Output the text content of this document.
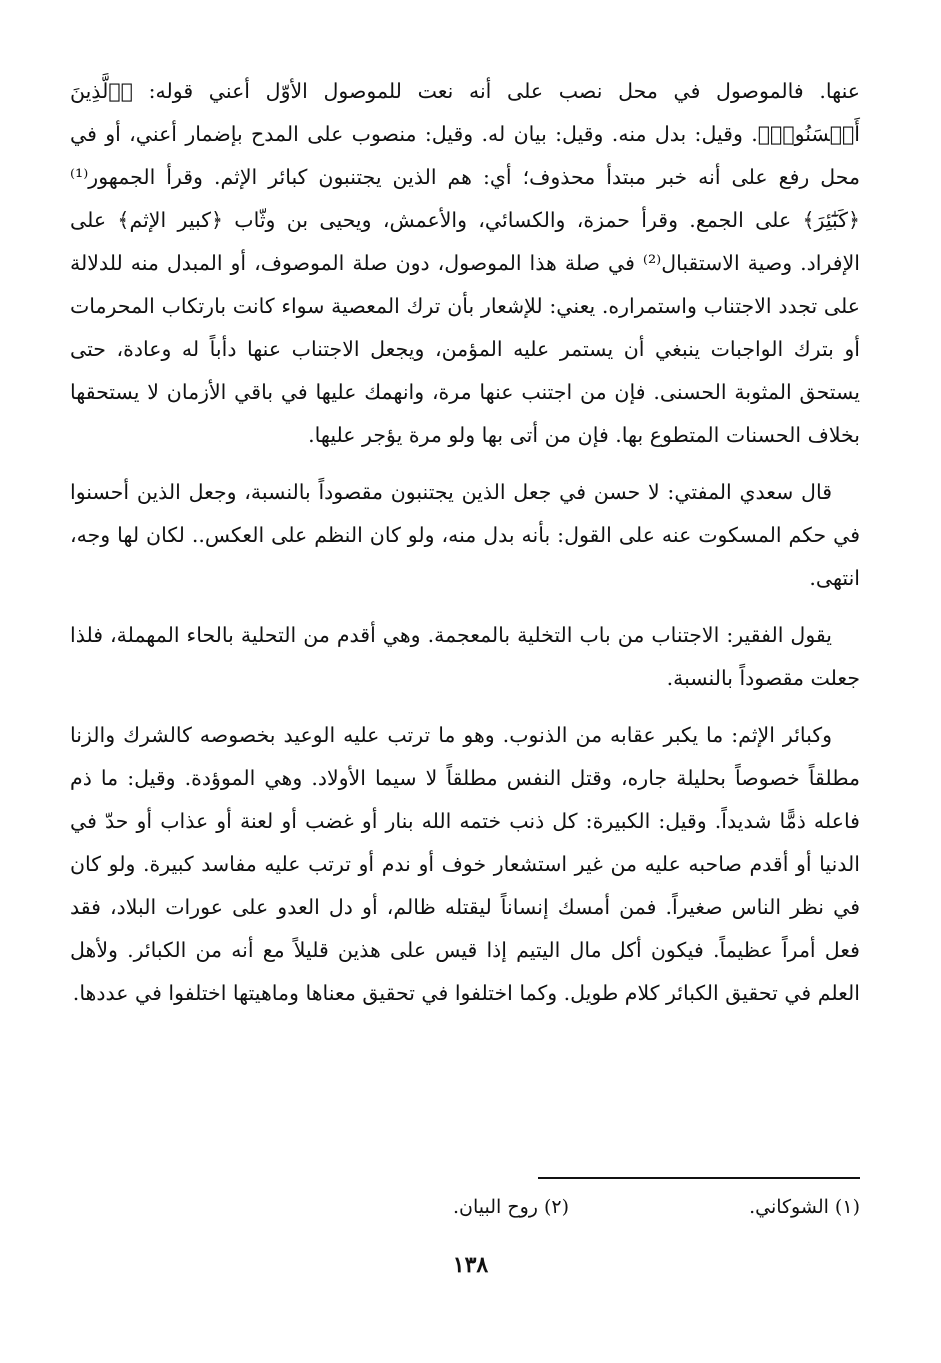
عنها. فالموصول في محل نصب على أنه نعت للموصول الأوّل أعني قوله: ﴿ٱلَّذِينَ أَحۡسَنُوا۟﴾. وقيل: بدل منه. وقيل: بيان له. وقيل: منصوب على المدح بإضمار أعني، أو في محل رفع على أنه خبر مبتدأ محذوف؛ أي: هم الذين يجتنبون كبائر الإثم. وقرأ الجمهور⁽¹⁾ ﴿كَبَٰٓئِرَ﴾ على الجمع. وقرأ حمزة، والكسائي، والأعمش، ويحيى بن وثّاب ﴿كبير الإثم﴾ على الإفراد. وصية الاستقبال⁽²⁾ في صلة هذا الموصول، دون صلة الموصوف، أو المبدل منه للدلالة على تجدد الاجتناب واستمراره. يعني: للإشعار بأن ترك المعصية سواء كانت بارتكاب المحرمات أو بترك الواجبات ينبغي أن يستمر عليه المؤمن، ويجعل الاجتناب عنها دأباً له وعادة، حتى يستحق المثوبة الحسنى. فإن من اجتنب عنها مرة، وانهمك عليها في باقي الأزمان لا يستحقها بخلاف الحسنات المتطوع بها. فإن من أتى بها ولو مرة يؤجر عليها.

قال سعدي المفتي: لا حسن في جعل الذين يجتنبون مقصوداً بالنسبة، وجعل الذين أحسنوا في حكم المسكوت عنه على القول: بأنه بدل منه، ولو كان النظم على العكس.. لكان لها وجه، انتهى.

يقول الفقير: الاجتناب من باب التخلية بالمعجمة. وهي أقدم من التحلية بالحاء المهملة، فلذا جعلت مقصوداً بالنسبة.

وكبائر الإثم: ما يكبر عقابه من الذنوب. وهو ما ترتب عليه الوعيد بخصوصه كالشرك والزنا مطلقاً خصوصاً بحليلة جاره، وقتل النفس مطلقاً لا سيما الأولاد. وهي الموؤدة. وقيل: ما ذم فاعله ذمًّا شديداً. وقيل: الكبيرة: كل ذنب ختمه الله بنار أو غضب أو لعنة أو عذاب أو حدّ في الدنيا أو أقدم صاحبه عليه من غير استشعار خوف أو ندم أو ترتب عليه مفاسد كبيرة. ولو كان في نظر الناس صغيراً. فمن أمسك إنساناً ليقتله ظالم، أو دل العدو على عورات البلاد، فقد فعل أمراً عظيماً. فيكون أكل مال اليتيم إذا قيس على هذين قليلاً مع أنه من الكبائر. ولأهل العلم في تحقيق الكبائر كلام طويل. وكما اختلفوا في تحقيق معناها وماهيتها اختلفوا في عددها.

(١) الشوكاني.
(٢) روح البيان.
١٣٨
